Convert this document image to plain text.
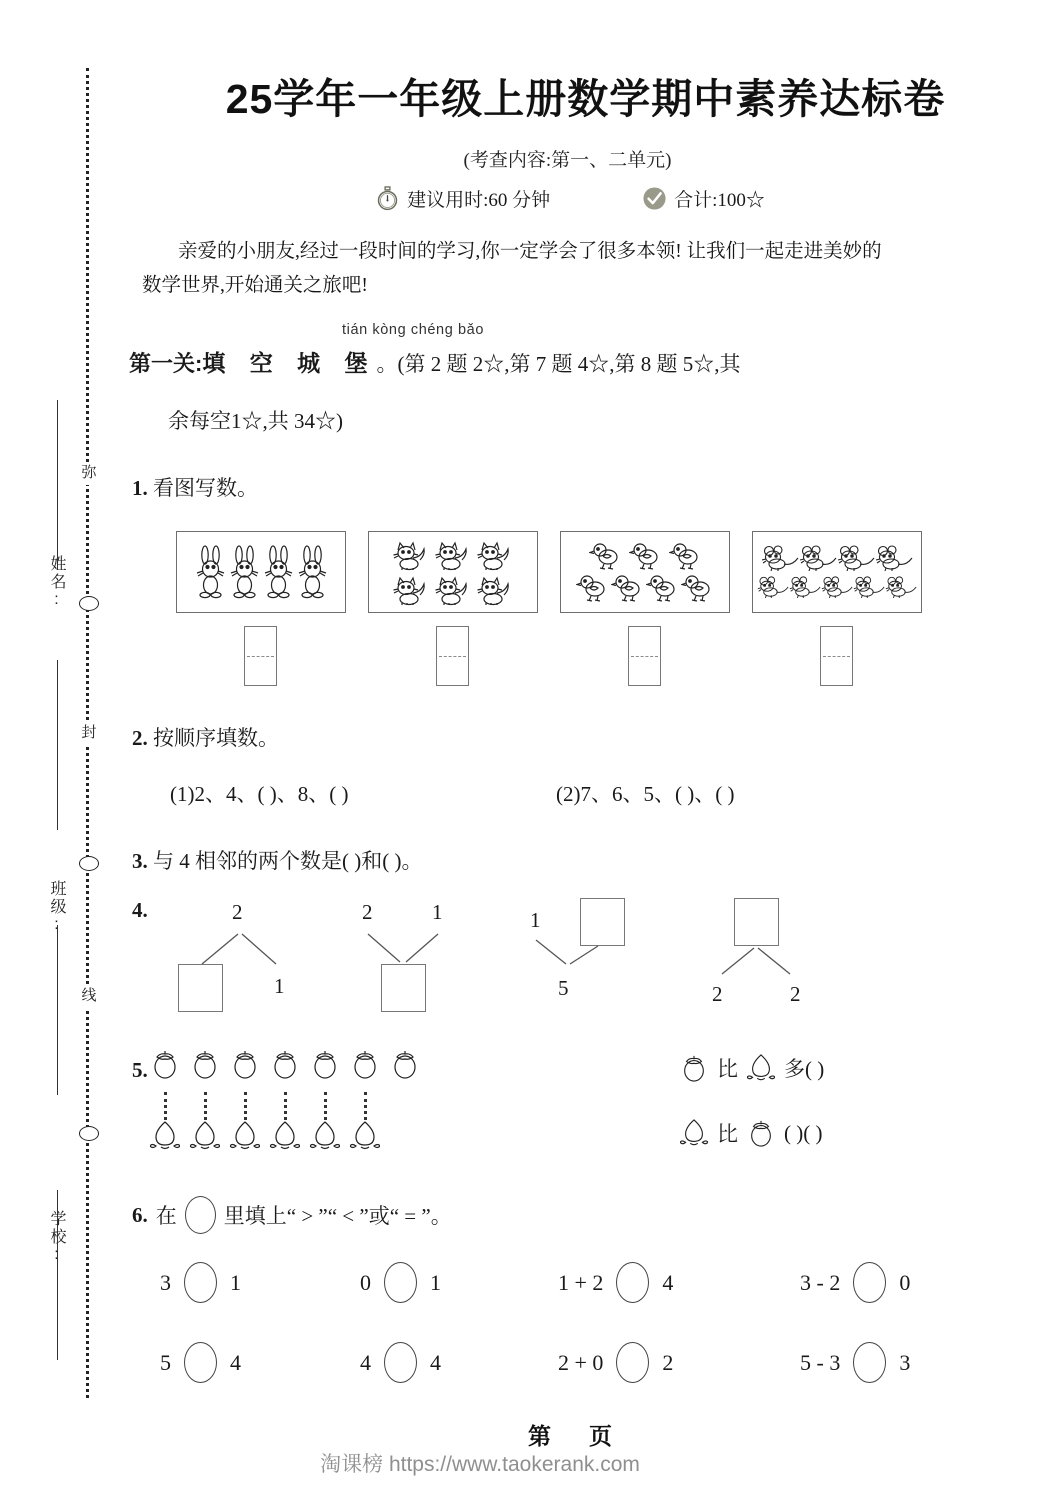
弥
封
线
姓名:
班级:
学校:
25学年一年级上册数学期中素养达标卷
(考查内容:第一、二单元)
建议用时:60 分钟	合计:100☆
亲爱的小朋友,经过一段时间的学习,你一定学会了很多本领! 让我们一起走进美妙的
数学世界,开始通关之旅吧!
tián kòng chéng bǎo
第一关:填 空 城 堡。(第 2 题 2☆,第 7 题 4☆,第 8 题 5☆,其
余每空1☆,共 34☆)
1. 看图写数。
2. 按顺序填数。
(1)2、4、( )、8、( )	(2)7、6、5、( )、( )
3. 与 4 相邻的两个数是( )和( )。
4.	2
1
2	1	1
5	2	2
5.	比 多( )
比 ( )( )
6. 在 里填上“ > ”“ < ”或“ = ”。
3	1	0	1	1 + 2	4	3 - 2	0
5	4	4	4	2 + 0	2	5 - 3	3
第 页
淘课榜 https://www.taokerank.com
